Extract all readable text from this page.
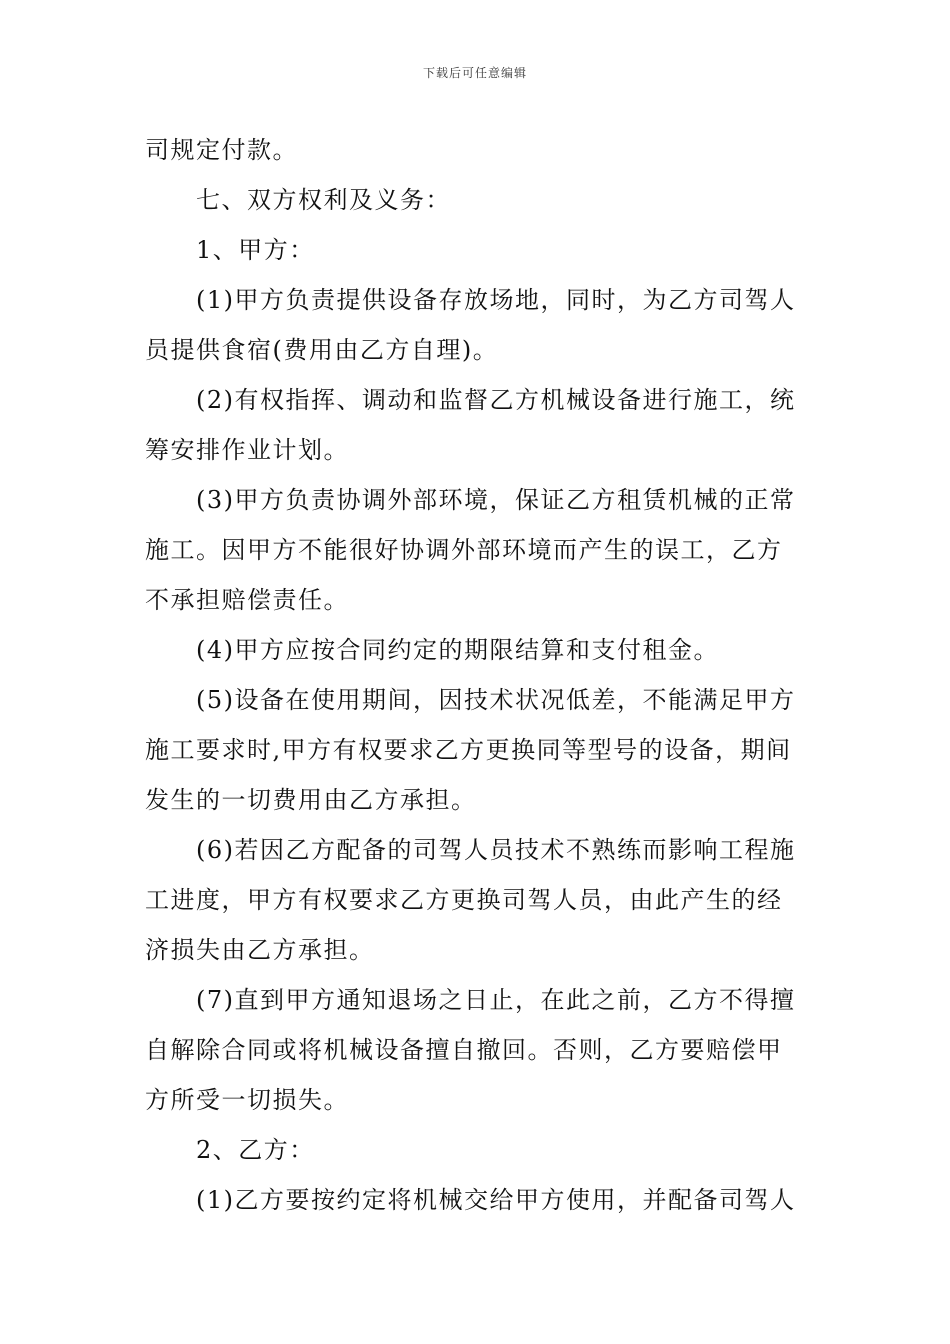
下载后可任意编辑
司规定付款。
七、双方权利及义务：
1、甲方：
(1)甲方负责提供设备存放场地，同时，为乙方司驾人
员提供食宿(费用由乙方自理)。
(2)有权指挥、调动和监督乙方机械设备进行施工，统
筹安排作业计划。
(3)甲方负责协调外部环境，保证乙方租赁机械的正常
施工。因甲方不能很好协调外部环境而产生的误工，乙方
不承担赔偿责任。
(4)甲方应按合同约定的期限结算和支付租金。
(5)设备在使用期间，因技术状况低差，不能满足甲方
施工要求时,甲方有权要求乙方更换同等型号的设备，期间
发生的一切费用由乙方承担。
(6)若因乙方配备的司驾人员技术不熟练而影响工程施
工进度，甲方有权要求乙方更换司驾人员，由此产生的经
济损失由乙方承担。
(7)直到甲方通知退场之日止，在此之前，乙方不得擅
自解除合同或将机械设备擅自撤回。否则，乙方要赔偿甲
方所受一切损失。
2、乙方：
(1)乙方要按约定将机械交给甲方使用，并配备司驾人
